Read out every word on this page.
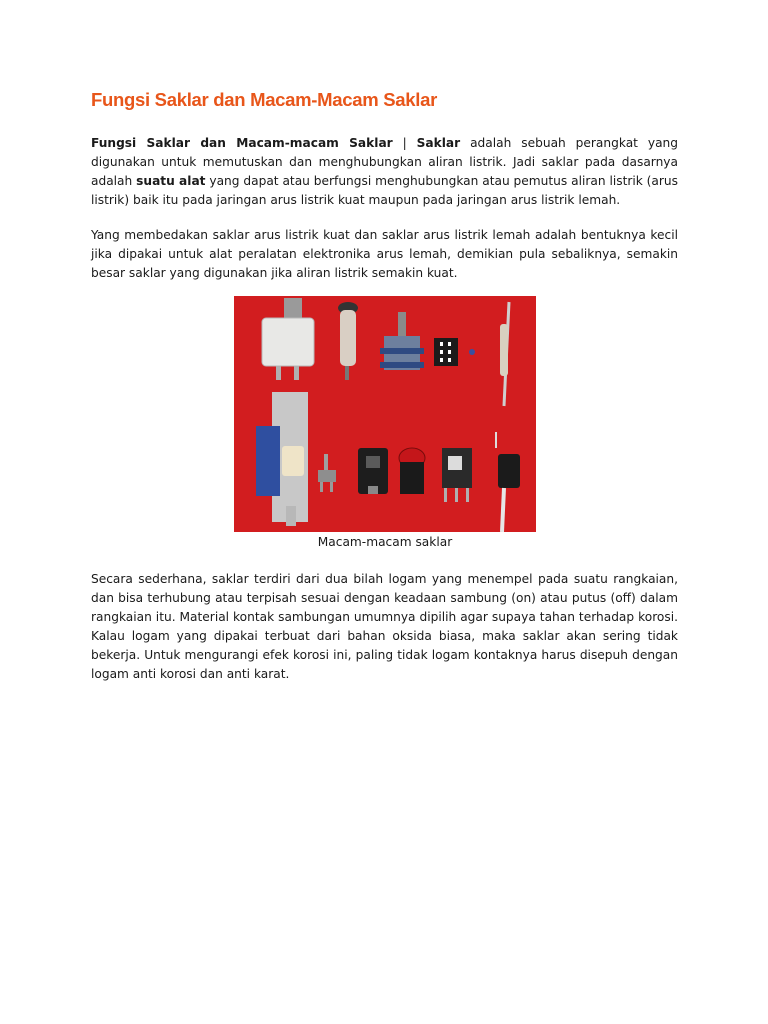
Fungsi Saklar dan Macam-Macam Saklar

Fungsi Saklar dan Macam-macam Saklar | Saklar adalah sebuah perangkat yang digunakan untuk memutuskan dan menghubungkan aliran listrik. Jadi saklar pada dasarnya adalah suatu alat yang dapat atau berfungsi menghubungkan atau pemutus aliran listrik (arus listrik) baik itu pada jaringan arus listrik kuat maupun pada jaringan arus listrik lemah.

Yang membedakan saklar arus listrik kuat dan saklar arus listrik lemah adalah bentuknya kecil jika dipakai untuk alat peralatan elektronika arus lemah, demikian pula sebaliknya, semakin besar saklar yang digunakan jika aliran listrik semakin kuat.

Macam-macam saklar

Secara sederhana, saklar terdiri dari dua bilah logam yang menempel pada suatu rangkaian, dan bisa terhubung atau terpisah sesuai dengan keadaan sambung (on) atau putus (off) dalam rangkaian itu. Material kontak sambungan umumnya dipilih agar supaya tahan terhadap korosi. Kalau logam yang dipakai terbuat dari bahan oksida biasa, maka saklar akan sering tidak bekerja. Untuk mengurangi efek korosi ini, paling tidak logam kontaknya harus disepuh dengan logam anti korosi dan anti karat.
